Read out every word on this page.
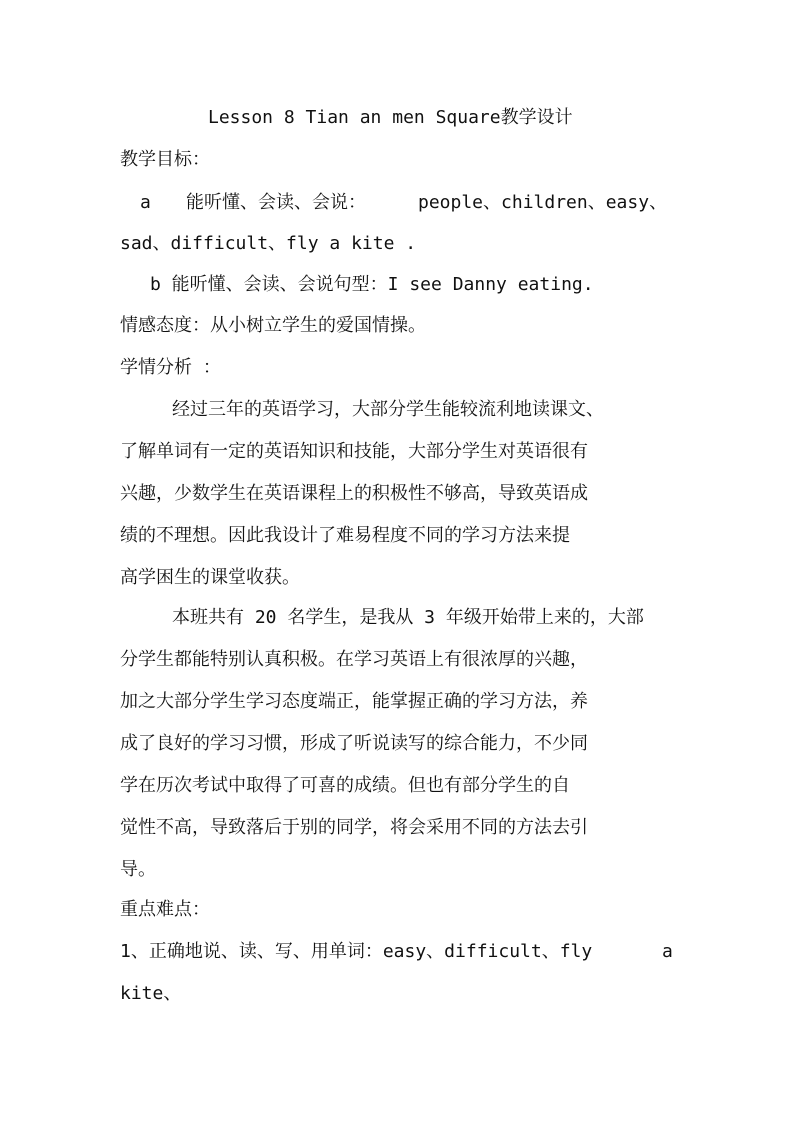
Lesson 8 Tian an men Square教学设计
教学目标：
a 能听懂、会读、会说：	people、children、easy、
sad、difficult、fly a kite .
b 能听懂、会读、会说句型：I see Danny eating.
情感态度：从小树立学生的爱国情操。
学情分析 ：
经过三年的英语学习，大部分学生能较流利地读课文、
了解单词有一定的英语知识和技能，大部分学生对英语很有
兴趣，少数学生在英语课程上的积极性不够高，导致英语成
绩的不理想。因此我设计了难易程度不同的学习方法来提
高学困生的课堂收获。
本班共有 20 名学生，是我从 3 年级开始带上来的，大部
分学生都能特别认真积极。在学习英语上有很浓厚的兴趣，
加之大部分学生学习态度端正，能掌握正确的学习方法，养
成了良好的学习习惯，形成了听说读写的综合能力，不少同
学在历次考试中取得了可喜的成绩。但也有部分学生的自
觉性不高，导致落后于别的同学，将会采用不同的方法去引
导。
重点难点：
1、正确地说、读、写、用单词：easy、difficult、fly	a
kite、
